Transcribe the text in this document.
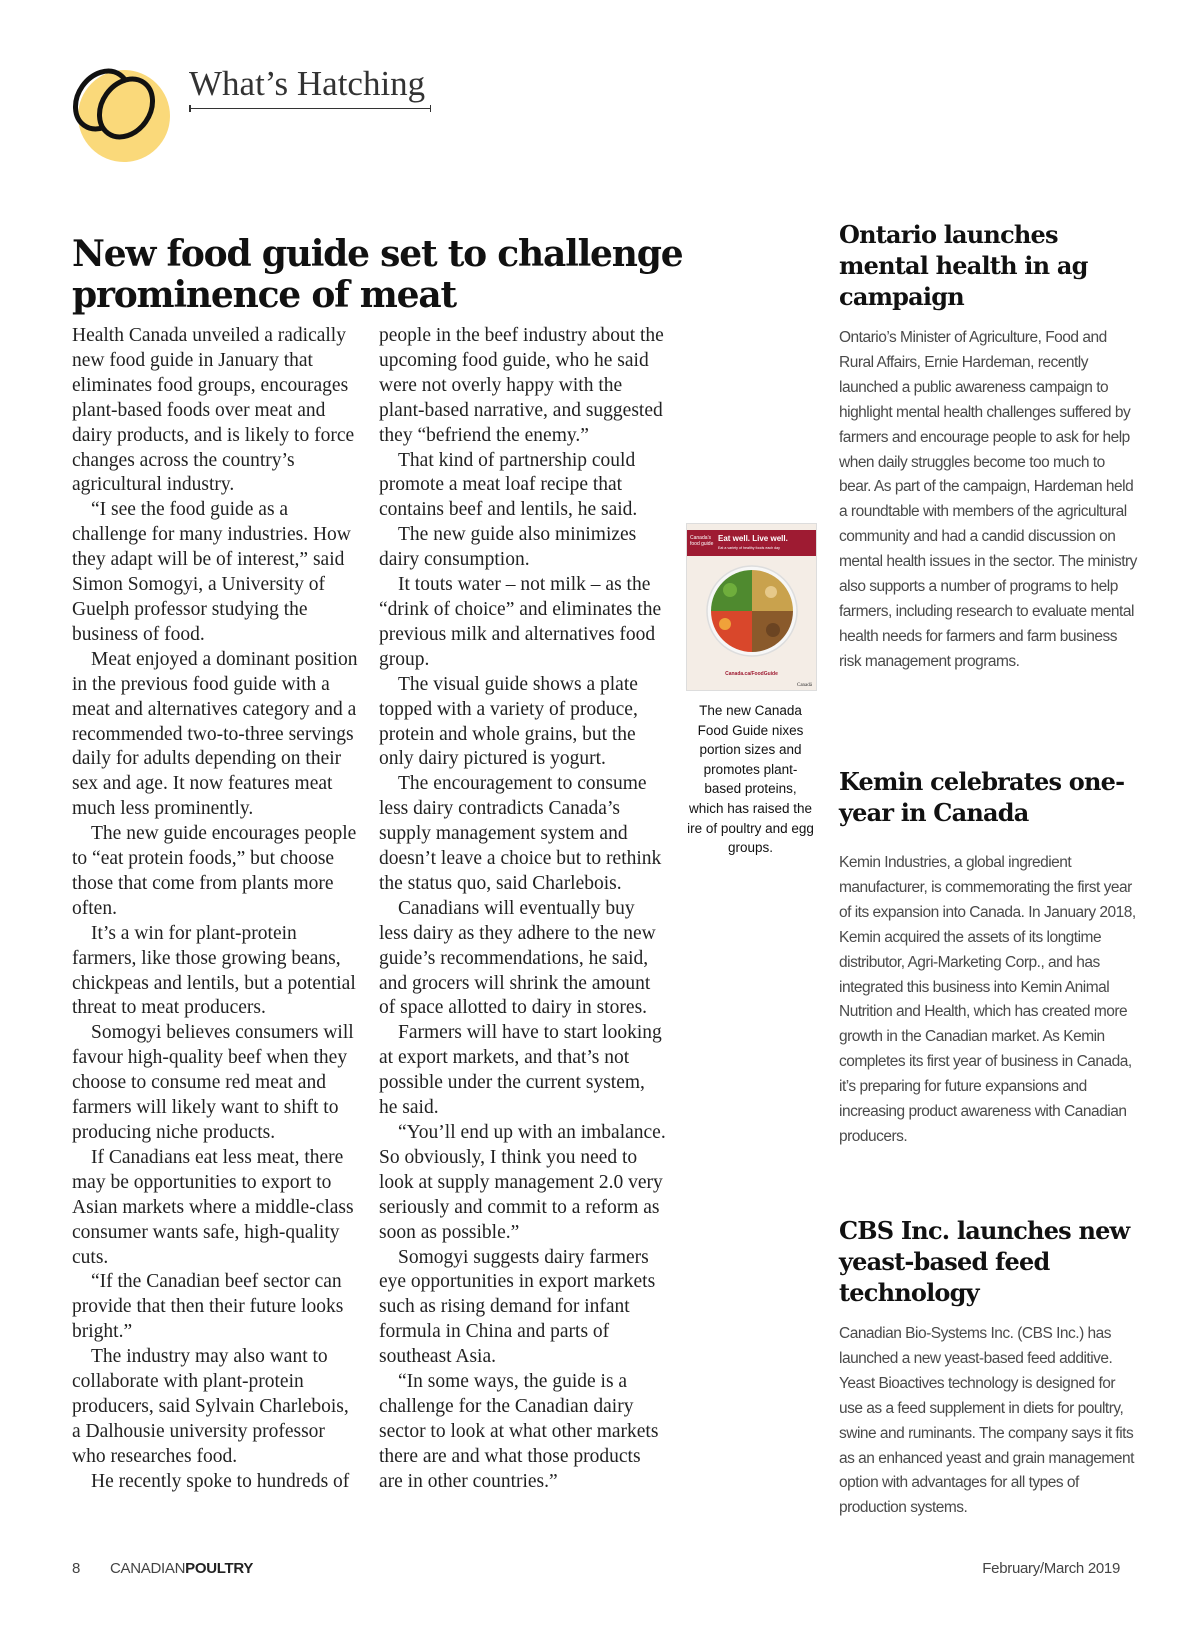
What’s Hatching
New food guide set to challenge prominence of meat

Health Canada unveiled a radically new food guide in January that eliminates food groups, encourages plant-based foods over meat and dairy products, and is likely to force changes across the country’s agricultural industry.

“I see the food guide as a challenge for many industries. How they adapt will be of interest,” said Simon Somogyi, a University of Guelph professor studying the business of food.

Meat enjoyed a dominant position in the previous food guide with a meat and alternatives category and a recommended two-to-three servings daily for adults depending on their sex and age. It now features meat much less prominently.

The new guide encourages people to “eat protein foods,” but choose those that come from plants more often.

It’s a win for plant-protein farmers, like those growing beans, chickpeas and lentils, but a potential threat to meat producers.

Somogyi believes consumers will favour high-quality beef when they choose to consume red meat and farmers will likely want to shift to producing niche products.

If Canadians eat less meat, there may be opportunities to export to Asian markets where a middle-class consumer wants safe, high-quality cuts.

“If the Canadian beef sector can provide that then their future looks bright.”

The industry may also want to collaborate with plant-protein producers, said Sylvain Charlebois, a Dalhousie university professor who researches food.

He recently spoke to hundreds of

people in the beef industry about the upcoming food guide, who he said were not overly happy with the plant-based narrative, and suggested they “befriend the enemy.”

That kind of partnership could promote a meat loaf recipe that contains beef and lentils, he said.

The new guide also minimizes dairy consumption.

It touts water – not milk – as the “drink of choice” and eliminates the previous milk and alternatives food group.

The visual guide shows a plate topped with a variety of produce, protein and whole grains, but the only dairy pictured is yogurt.

The encouragement to consume less dairy contradicts Canada’s supply management system and doesn’t leave a choice but to rethink the status quo, said Charlebois.

Canadians will eventually buy less dairy as they adhere to the new guide’s recommendations, he said, and grocers will shrink the amount of space allotted to dairy in stores.

Farmers will have to start looking at export markets, and that’s not possible under the current system, he said.

“You’ll end up with an imbalance. So obviously, I think you need to look at supply management 2.0 very seriously and commit to a reform as soon as possible.”

Somogyi suggests dairy farmers eye opportunities in export markets such as rising demand for infant formula in China and parts of southeast Asia.

“In some ways, the guide is a challenge for the Canadian dairy sector to look at what other markets there are and what those products are in other countries.”

Canada’s food guide
Eat well. Live well.
Eat a variety of healthy foods each day
Canada.ca/FoodGuide
Canadä
The new Canada Food Guide nixes portion sizes and promotes plant-based proteins, which has raised the ire of poultry and egg groups.
Ontario launches mental health in ag campaign

Ontario’s Minister of Agriculture, Food and Rural Affairs, Ernie Hardeman, recently launched a public awareness campaign to highlight mental health challenges suffered by farmers and encourage people to ask for help when daily struggles become too much to bear. As part of the campaign, Hardeman held a roundtable with members of the agricultural community and had a candid discussion on mental health issues in the sector. The ministry also supports a number of programs to help farmers, including research to evaluate mental health needs for farmers and farm business risk management programs.

Kemin celebrates one-year in Canada

Kemin Industries, a global ingredient manufacturer, is commemorating the first year of its expansion into Canada. In January 2018, Kemin acquired the assets of its longtime distributor, Agri-Marketing Corp., and has integrated this business into Kemin Animal Nutrition and Health, which has created more growth in the Canadian market. As Kemin completes its first year of business in Canada, it’s preparing for future expansions and increasing product awareness with Canadian producers.

CBS Inc. launches new yeast-based feed technology

Canadian Bio-Systems Inc. (CBS Inc.) has launched a new yeast-based feed additive. Yeast Bioactives technology is designed for use as a feed supplement in diets for poultry, swine and ruminants. The company says it fits as an enhanced yeast and grain management option with advantages for all types of production systems.

8 CANADIANPOULTRY	February/March 2019
